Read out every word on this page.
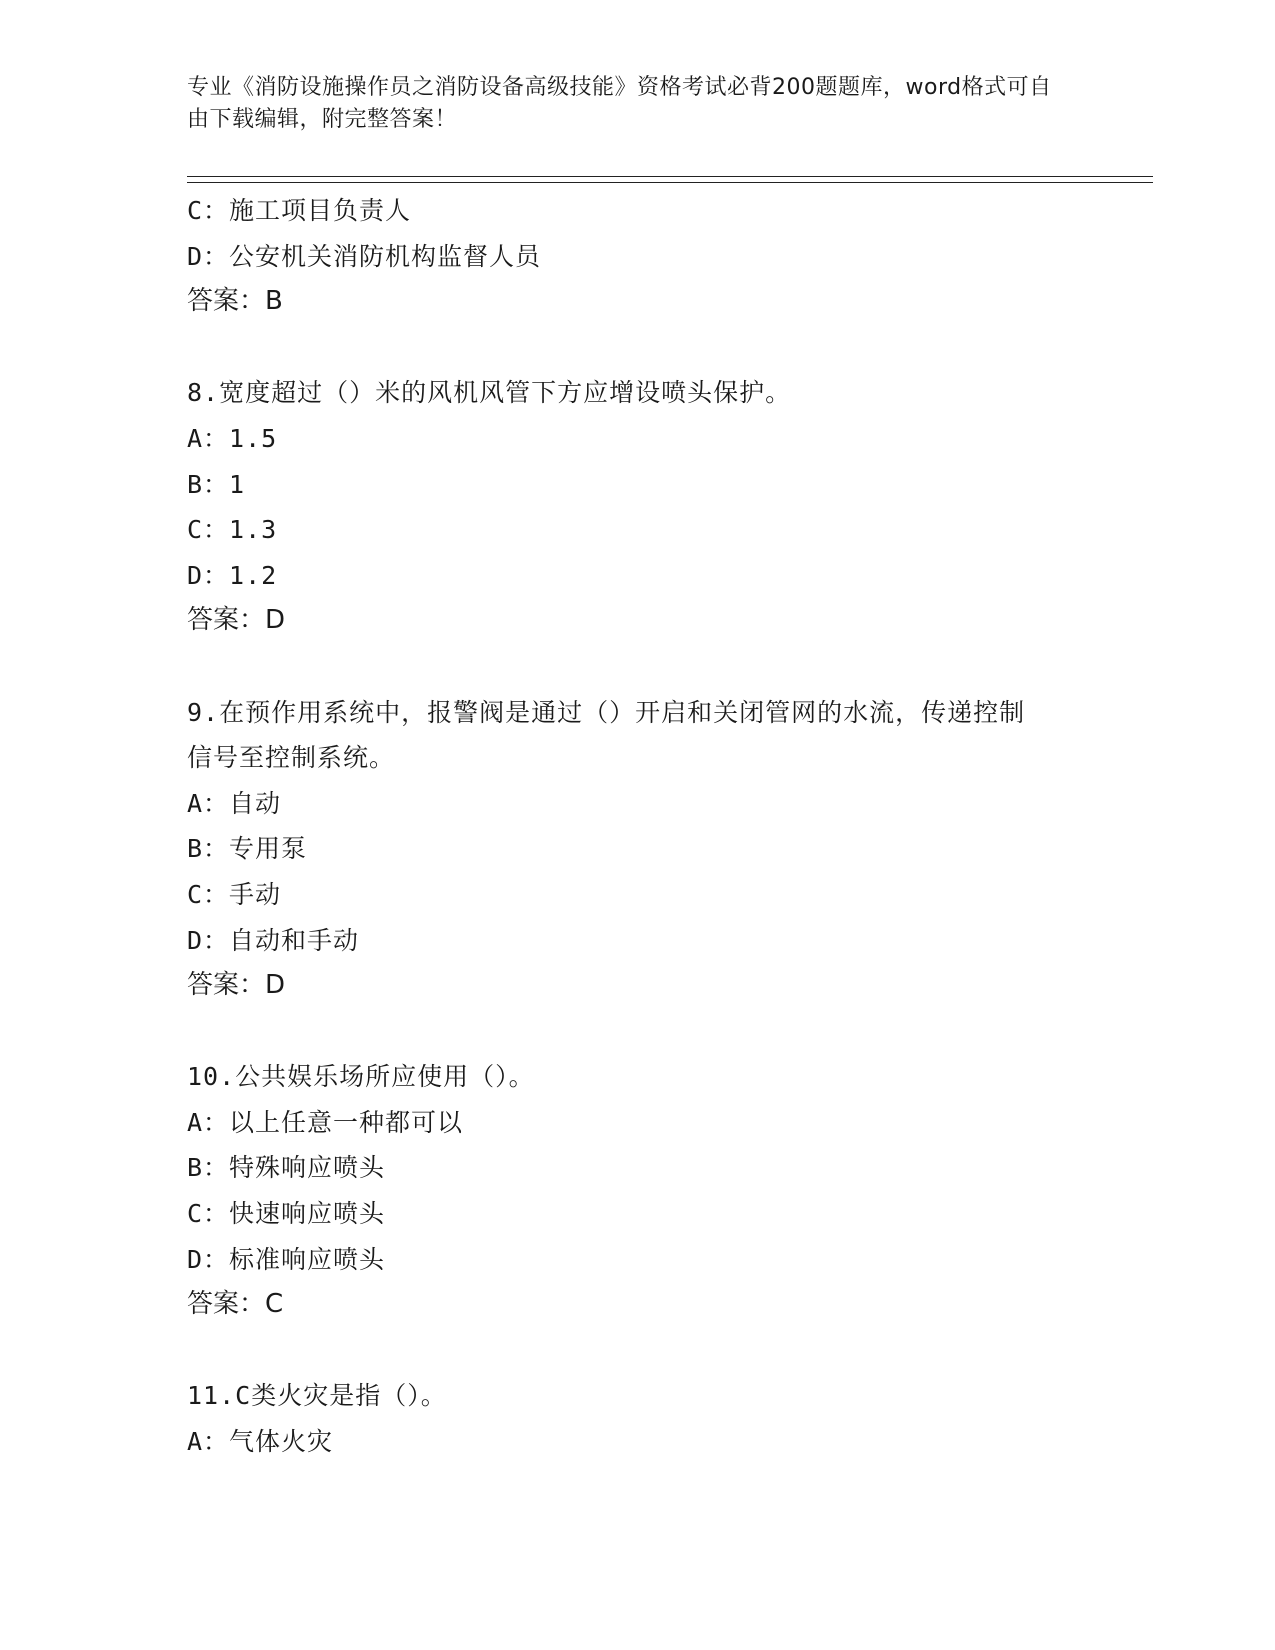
专业《消防设施操作员之消防设备高级技能》资格考试必背200题题库，word格式可自由下载编辑，附完整答案！
C：施工项目负责人
D：公安机关消防机构监督人员
答案：B
8.宽度超过（）米的风机风管下方应增设喷头保护。
A：1.5
B：1
C：1.3
D：1.2
答案：D
9.在预作用系统中，报警阀是通过（）开启和关闭管网的水流，传递控制信号至控制系统。
A：自动
B：专用泵
C：手动
D：自动和手动
答案：D
10.公共娱乐场所应使用（）。
A：以上任意一种都可以
B：特殊响应喷头
C：快速响应喷头
D：标准响应喷头
答案：C
11.C类火灾是指（）。
A：气体火灾
